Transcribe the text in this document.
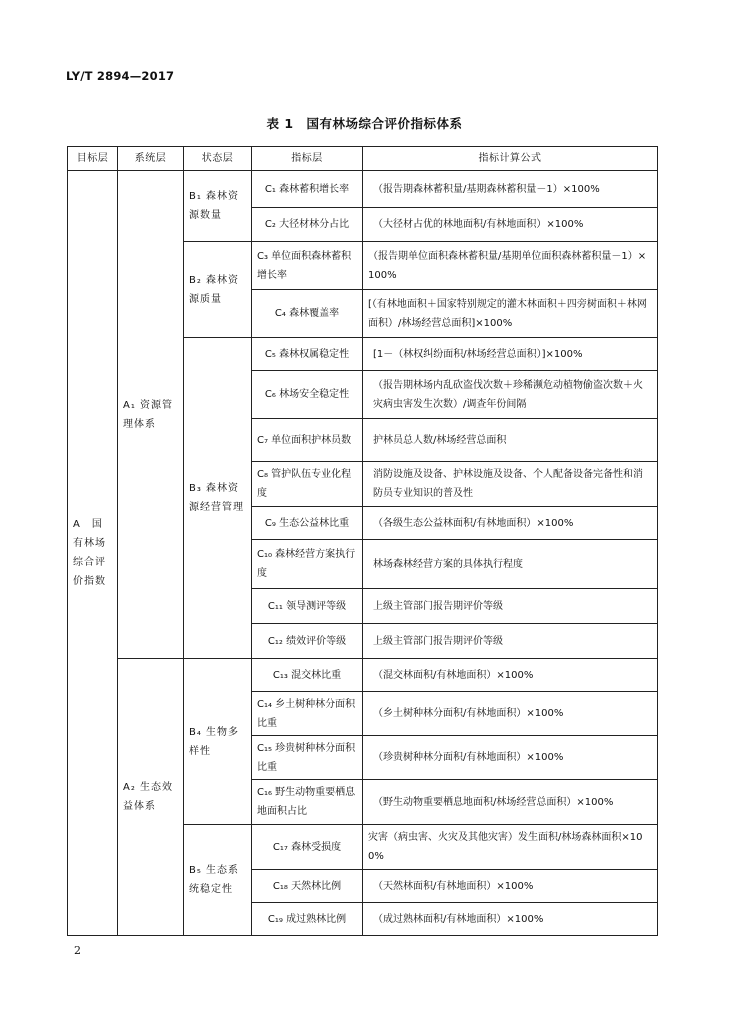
LY/T 2894—2017
表 1　国有林场综合评价指标体系
目标层	系统层	状态层	指标层	指标计算公式
A　国有林场综合评价指数	A₁ 资源管理体系	B₁ 森林资源数量	C₁ 森林蓄积增长率	（报告期森林蓄积量/基期森林蓄积量－1）×100%
			C₂ 大径材林分占比	（大径材占优的林地面积/有林地面积）×100%
		B₂ 森林资源质量	C₃ 单位面积森林蓄积增长率	（报告期单位面积森林蓄积量/基期单位面积森林蓄积量－1）×100%
			C₄ 森林覆盖率	[（有林地面积＋国家特别规定的灌木林面积＋四旁树面积＋林网面积）/林场经营总面积]×100%
		B₃ 森林资源经营管理	C₅ 森林权属稳定性	[1－（林权纠纷面积/林场经营总面积）]×100%
			C₆ 林场安全稳定性	（报告期林场内乱砍盗伐次数＋珍稀濒危动植物偷盗次数＋火灾病虫害发生次数）/调查年份间隔
			C₇ 单位面积护林员数	护林员总人数/林场经营总面积
			C₈ 管护队伍专业化程度	消防设施及设备、护林设施及设备、个人配备设备完备性和消防员专业知识的普及性
			C₉ 生态公益林比重	（各级生态公益林面积/有林地面积）×100%
			C₁₀ 森林经营方案执行度	林场森林经营方案的具体执行程度
			C₁₁ 领导测评等级	上级主管部门报告期评价等级
			C₁₂ 绩效评价等级	上级主管部门报告期评价等级
	A₂ 生态效益体系	B₄ 生物多样性	C₁₃ 混交林比重	（混交林面积/有林地面积）×100%
			C₁₄ 乡土树种林分面积比重	（乡土树种林分面积/有林地面积）×100%
			C₁₅ 珍贵树种林分面积比重	（珍贵树种林分面积/有林地面积）×100%
			C₁₆ 野生动物重要栖息地面积占比	（野生动物重要栖息地面积/林场经营总面积）×100%
		B₅ 生态系统稳定性	C₁₇ 森林受损度	灾害（病虫害、火灾及其他灾害）发生面积/林场森林面积×100%
			C₁₈ 天然林比例	（天然林面积/有林地面积）×100%
			C₁₉ 成过熟林比例	（成过熟林面积/有林地面积）×100%
2
